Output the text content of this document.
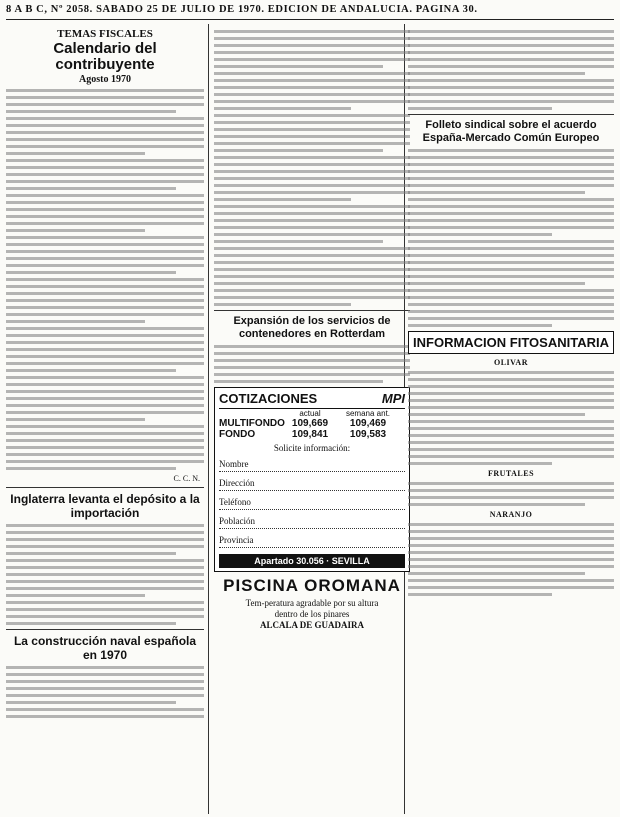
8 A B C, Nº 2058. SABADO 25 DE JULIO DE 1970. EDICION DE ANDALUCIA. PAGINA 30.
TEMAS FISCALES
Calendario del contribuyente
Agosto 1970
C. C. N.
Inglaterra levanta el depósito a la importación
La construcción naval española en 1970
Expansión de los servicios de contenedores en Rotterdam
COTIZACIONES	MPI
actual	semana ant.
MULTIFONDO 109,669	109,469
FONDO	109,841	109,583
Solicite información:
Nombre
Dirección
Teléfono
Población
Provincia
Apartado 30.056 · SEVILLA
PISCINA OROMANA
Tem-peratura agradable por su altura
dentro de los pinares
ALCALA DE GUADAIRA
Folleto sindical sobre el acuerdo España-Mercado Común Europeo
INFORMACION FITOSANITARIA
OLIVAR
FRUTALES
NARANJO
